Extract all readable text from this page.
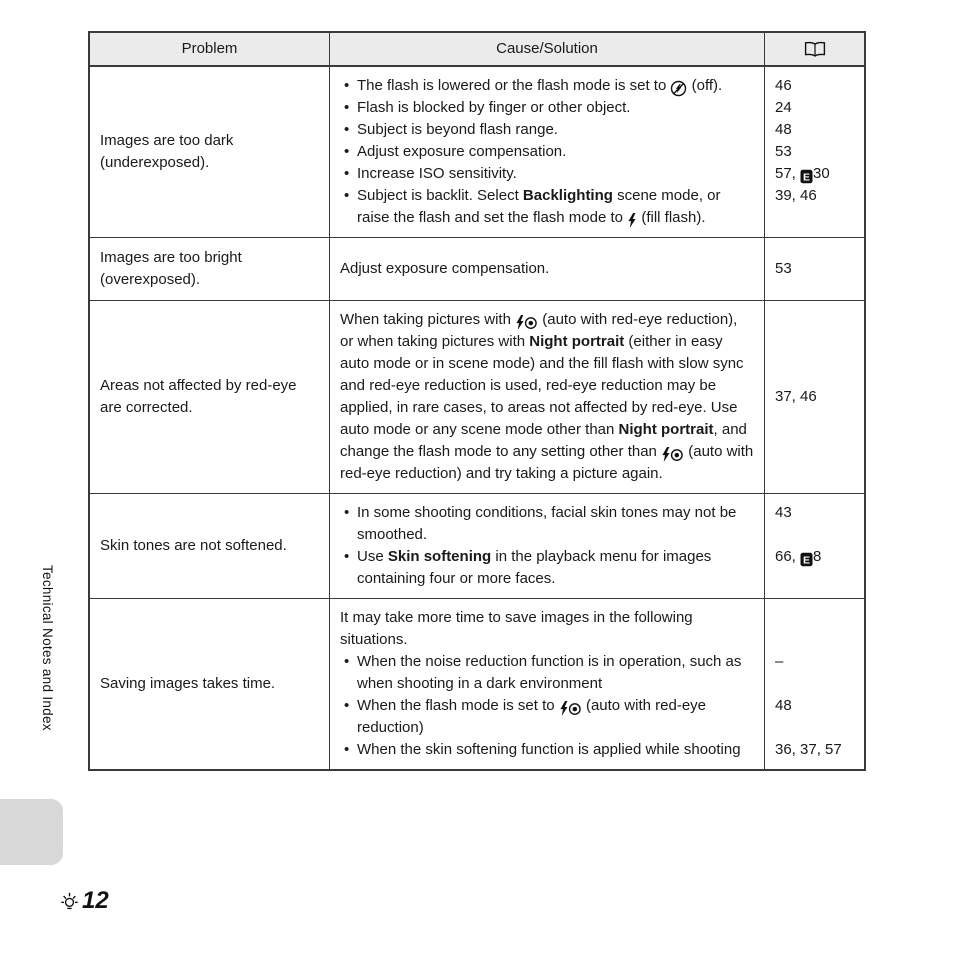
Technical Notes and Index
Problem	Cause/Solution
Images are too dark (underexposed).
• The flash is lowered or the flash mode is set to  (off).
• Flash is blocked by finger or other object.
• Subject is beyond flash range.
• Adjust exposure compensation.
• Increase ISO sensitivity.
• Subject is backlit. Select Backlighting scene mode, or raise the flash and set the flash mode to  (fill flash).
46
24
48
53
57, E 30
39, 46
Images are too bright (overexposed).
Adjust exposure compensation.	53
Areas not affected by red-eye are corrected.
When taking pictures with  (auto with red-eye reduction), or when taking pictures with Night portrait (either in easy auto mode or in scene mode) and the fill flash with slow sync and red-eye reduction is used, red-eye reduction may be applied, in rare cases, to areas not affected by red-eye. Use auto mode or any scene mode other than Night portrait, and change the flash mode to any setting other than  (auto with red-eye reduction) and try taking a picture again.
37, 46
Skin tones are not softened.
• In some shooting conditions, facial skin tones may not be smoothed.
• Use Skin softening in the playback menu for images containing four or more faces.
43
66, E 8
Saving images takes time.
It may take more time to save images in the following situations.
• When the noise reduction function is in operation, such as when shooting in a dark environment
• When the flash mode is set to  (auto with red-eye reduction)
• When the skin softening function is applied while shooting
–
48
36, 37, 57
12
